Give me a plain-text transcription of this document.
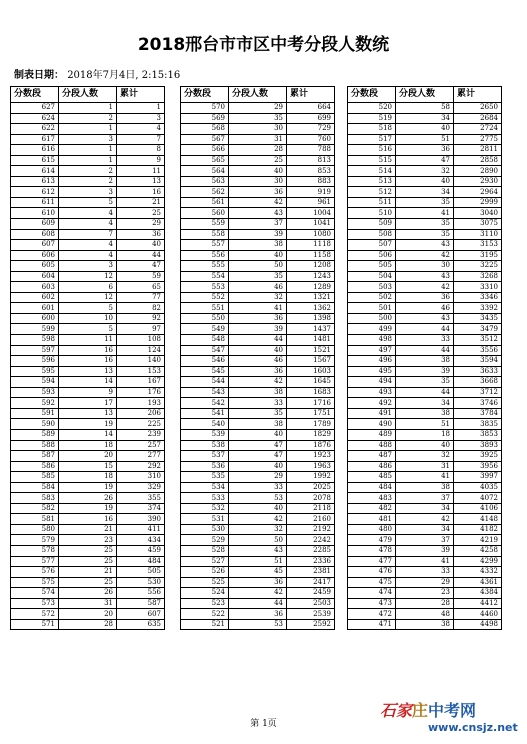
2018邢台市市区中考分段人数统
制表日期： 2018年7月4日, 2:15:16
分数段	分段人数	累计
627	1	1
624	2	3
622	1	4
617	3	7
616	1	8
615	1	9
614	2	11
613	2	13
612	3	16
611	5	21
610	4	25
609	4	29
608	7	36
607	4	40
606	4	44
605	3	47
604	12	59
603	6	65
602	12	77
601	5	82
600	10	92
599	5	97
598	11	108
597	16	124
596	16	140
595	13	153
594	14	167
593	9	176
592	17	193
591	13	206
590	19	225
589	14	239
588	18	257
587	20	277
586	15	292
585	18	310
584	19	329
583	26	355
582	19	374
581	16	390
580	21	411
579	23	434
578	25	459
577	25	484
576	21	505
575	25	530
574	26	556
573	31	587
572	20	607
571	28	635
分数段	分段人数	累计
570	29	664
569	35	699
568	30	729
567	31	760
566	28	788
565	25	813
564	40	853
563	30	883
562	36	919
561	42	961
560	43	1004
559	37	1041
558	39	1080
557	38	1118
556	40	1158
555	50	1208
554	35	1243
553	46	1289
552	32	1321
551	41	1362
550	36	1398
549	39	1437
548	44	1481
547	40	1521
546	46	1567
545	36	1603
544	42	1645
543	38	1683
542	33	1716
541	35	1751
540	38	1789
539	40	1829
538	47	1876
537	47	1923
536	40	1963
535	29	1992
534	33	2025
533	53	2078
532	40	2118
531	42	2160
530	32	2192
529	50	2242
528	43	2285
527	51	2336
526	45	2381
525	36	2417
524	42	2459
523	44	2503
522	36	2539
521	53	2592
分数段	分段人数	累计
520	58	2650
519	34	2684
518	40	2724
517	51	2775
516	36	2811
515	47	2858
514	32	2890
513	40	2930
512	34	2964
511	35	2999
510	41	3040
509	35	3075
508	35	3110
507	43	3153
506	42	3195
505	30	3225
504	43	3268
503	42	3310
502	36	3346
501	46	3392
500	43	3435
499	44	3479
498	33	3512
497	44	3556
496	38	3594
495	39	3633
494	35	3668
493	44	3712
492	34	3746
491	38	3784
490	51	3835
489	18	3853
488	40	3893
487	32	3925
486	31	3956
485	41	3997
484	38	4035
483	37	4072
482	34	4106
481	42	4148
480	34	4182
479	37	4219
478	39	4258
477	41	4299
476	33	4332
475	29	4361
474	23	4384
473	28	4412
472	48	4460
471	38	4498
第 1页
石家庄中考网
www.cnsjz.net
